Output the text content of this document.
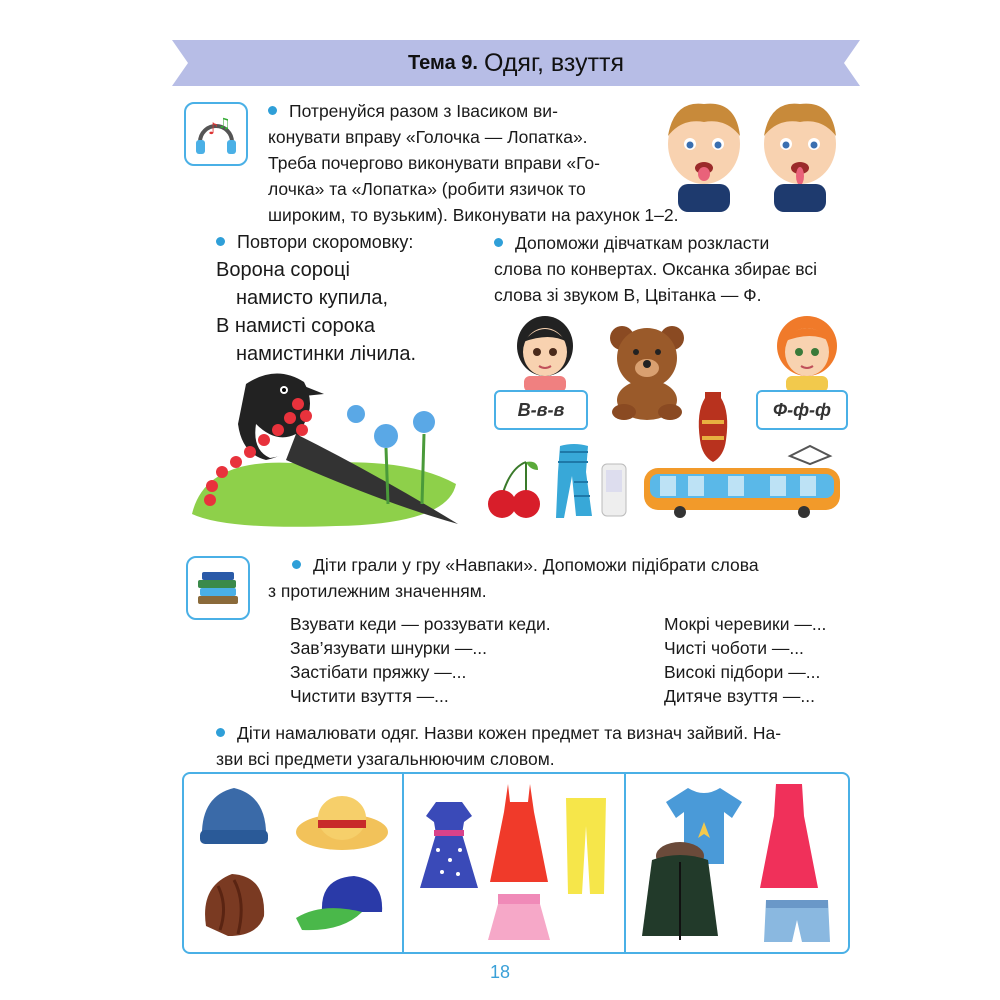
Тема 9. Одяг, взуття
♪ ♫
Потренуйся разом з Івасиком ви-
конувати вправу «Голочка — Лопатка».
Треба почергово виконувати вправи «Го-
лочка» та «Лопатка» (робити язичок то
широким, то вузьким). Виконувати на рахунок 1–2.
Повтори скоромовку:
Ворона сороці
намисто купила,
В намисті сорока
намистинки лічила.
Допоможи дівчаткам розкласти
слова по конвертах. Оксанка збирає всі
слова зі звуком В, Цвітанка — Ф.
В-в-в	Ф-ф-ф
Діти грали у гру «Навпаки». Допоможи підібрати слова
з протилежним значенням.
Взувати кеди — роззувати кеди.
Зав’язувати шнурки —...
Застібати пряжку —...
Чистити взуття —...
Мокрі черевики —...
Чисті чоботи —...
Високі підбори —...
Дитяче взуття —...
Діти намалювати одяг. Назви кожен предмет та визнач зайвий. На-
зви всі предмети узагальнюючим словом.
18
